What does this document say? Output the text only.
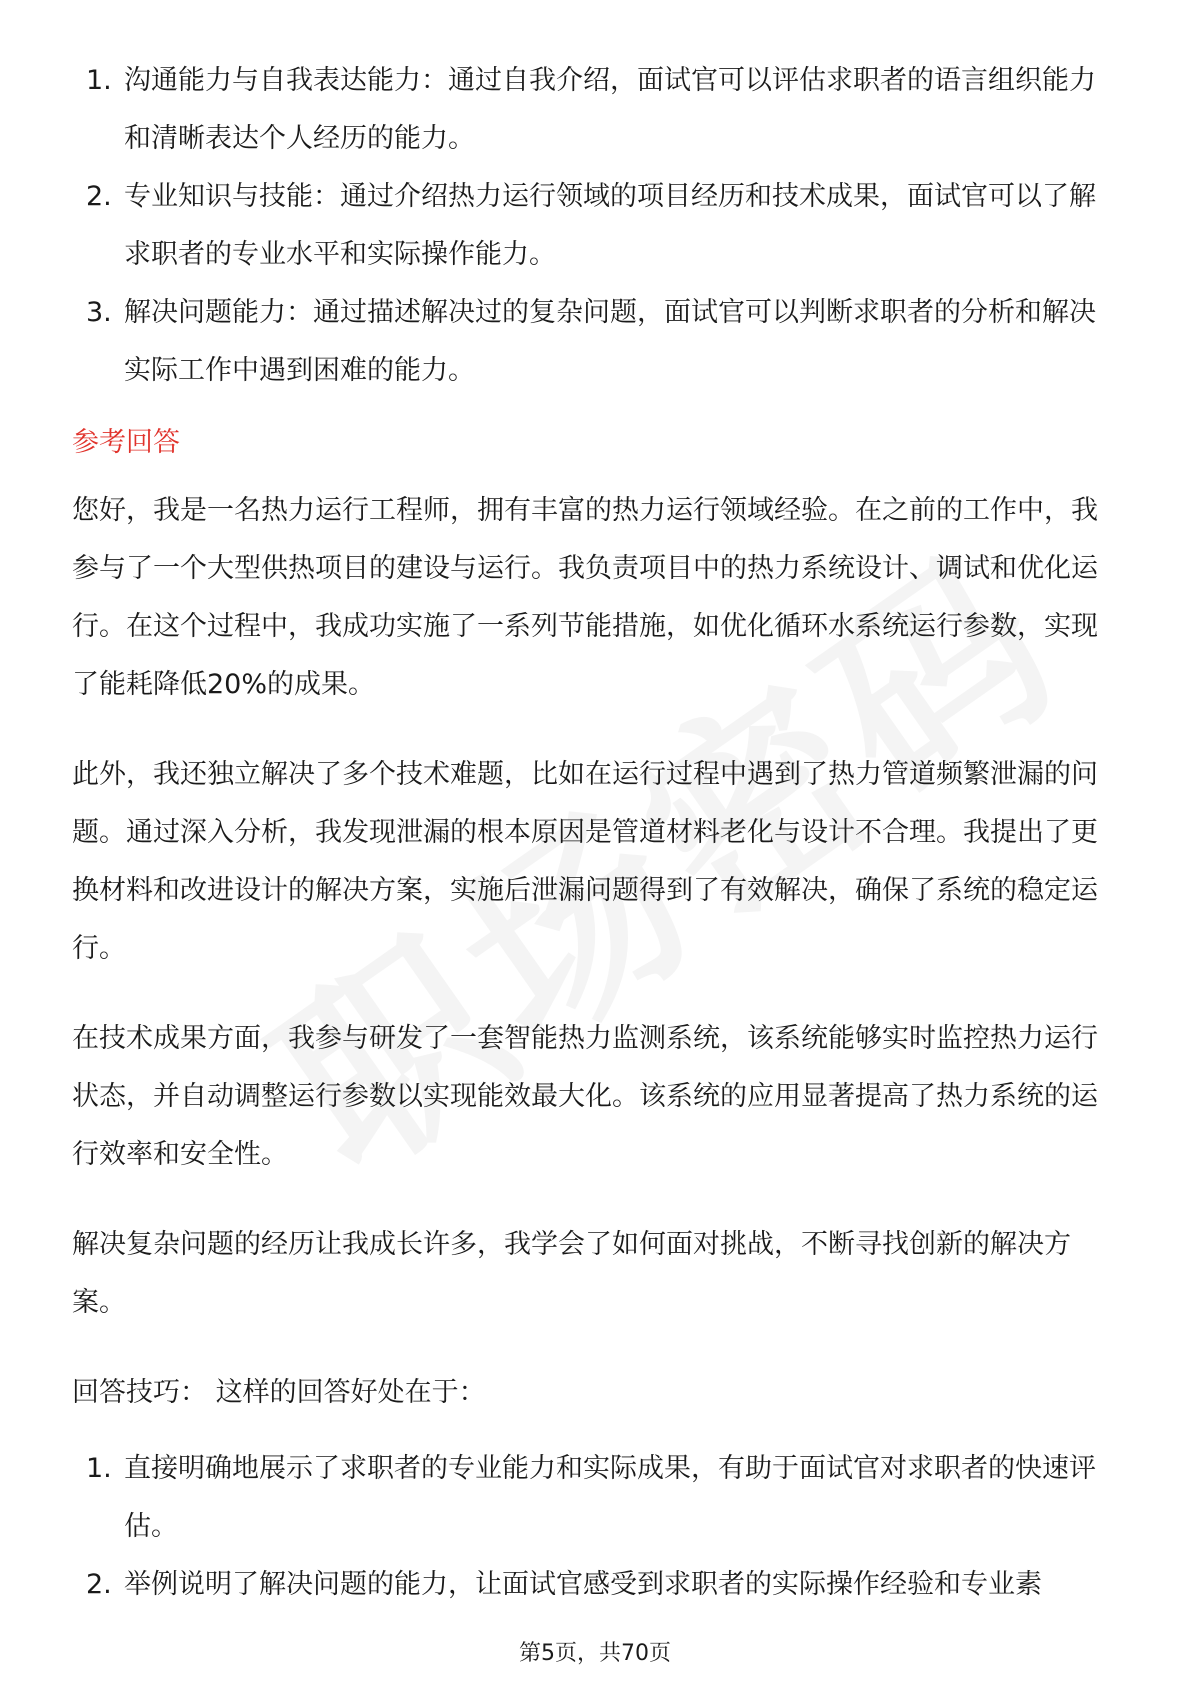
1. 沟通能力与自我表达能力：通过自我介绍，面试官可以评估求职者的语言组织能力和清晰表达个人经历的能力。
2. 专业知识与技能：通过介绍热力运行领域的项目经历和技术成果，面试官可以了解求职者的专业水平和实际操作能力。
3. 解决问题能力：通过描述解决过的复杂问题，面试官可以判断求职者的分析和解决实际工作中遇到困难的能力。
参考回答

您好，我是一名热力运行工程师，拥有丰富的热力运行领域经验。在之前的工作中，我参与了一个大型供热项目的建设与运行。我负责项目中的热力系统设计、调试和优化运行。在这个过程中，我成功实施了一系列节能措施，如优化循环水系统运行参数，实现了能耗降低20%的成果。

此外，我还独立解决了多个技术难题，比如在运行过程中遇到了热力管道频繁泄漏的问题。通过深入分析，我发现泄漏的根本原因是管道材料老化与设计不合理。我提出了更换材料和改进设计的解决方案，实施后泄漏问题得到了有效解决，确保了系统的稳定运行。

在技术成果方面，我参与研发了一套智能热力监测系统，该系统能够实时监控热力运行状态，并自动调整运行参数以实现能效最大化。该系统的应用显著提高了热力系统的运行效率和安全性。

解决复杂问题的经历让我成长许多，我学会了如何面对挑战，不断寻找创新的解决方案。

回答技巧： 这样的回答好处在于：

1. 直接明确地展示了求职者的专业能力和实际成果，有助于面试官对求职者的快速评估。
2. 举例说明了解决问题的能力，让面试官感受到求职者的实际操作经验和专业素
第5页，共70页
